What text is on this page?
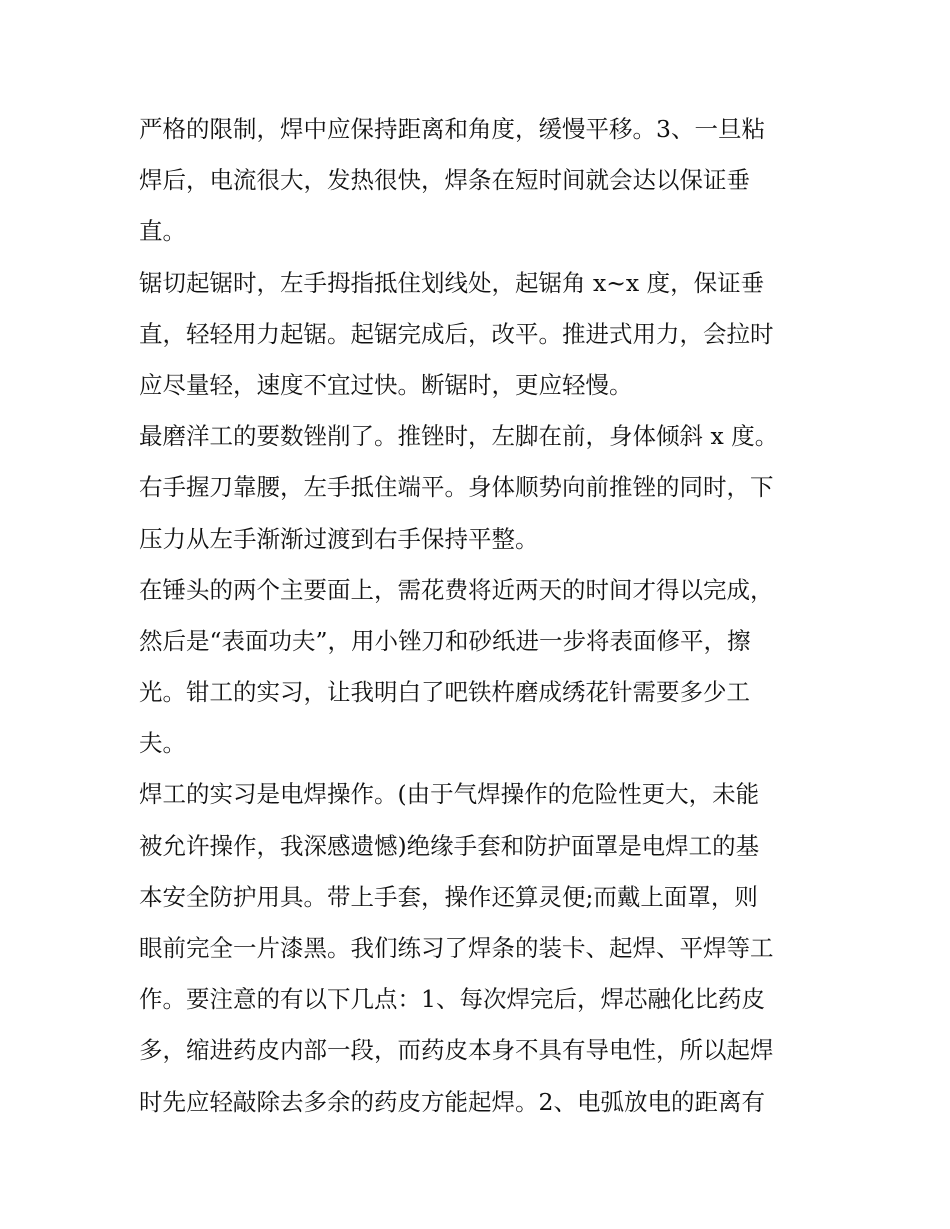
严格的限制，焊中应保持距离和角度，缓慢平移。3、一旦粘
焊后，电流很大，发热很快，焊条在短时间就会达以保证垂
直。

锯切起锯时，左手拇指抵住划线处，起锯角 x~x 度，保证垂
直，轻轻用力起锯。起锯完成后，改平。推进式用力，会拉时
应尽量轻，速度不宜过快。断锯时，更应轻慢。

最磨洋工的要数锉削了。推锉时，左脚在前，身体倾斜 x 度。
右手握刀靠腰，左手抵住端平。身体顺势向前推锉的同时，下
压力从左手渐渐过渡到右手保持平整。

在锤头的两个主要面上，需花费将近两天的时间才得以完成，
然后是“表面功夫”，用小锉刀和砂纸进一步将表面修平，擦
光。钳工的实习，让我明白了吧铁杵磨成绣花针需要多少工
夫。

焊工的实习是电焊操作。(由于气焊操作的危险性更大，未能
被允许操作，我深感遗憾)绝缘手套和防护面罩是电焊工的基
本安全防护用具。带上手套，操作还算灵便;而戴上面罩，则
眼前完全一片漆黑。我们练习了焊条的装卡、起焊、平焊等工
作。要注意的有以下几点：1、每次焊完后，焊芯融化比药皮
多，缩进药皮内部一段，而药皮本身不具有导电性，所以起焊
时先应轻敲除去多余的药皮方能起焊。2、电弧放电的距离有
